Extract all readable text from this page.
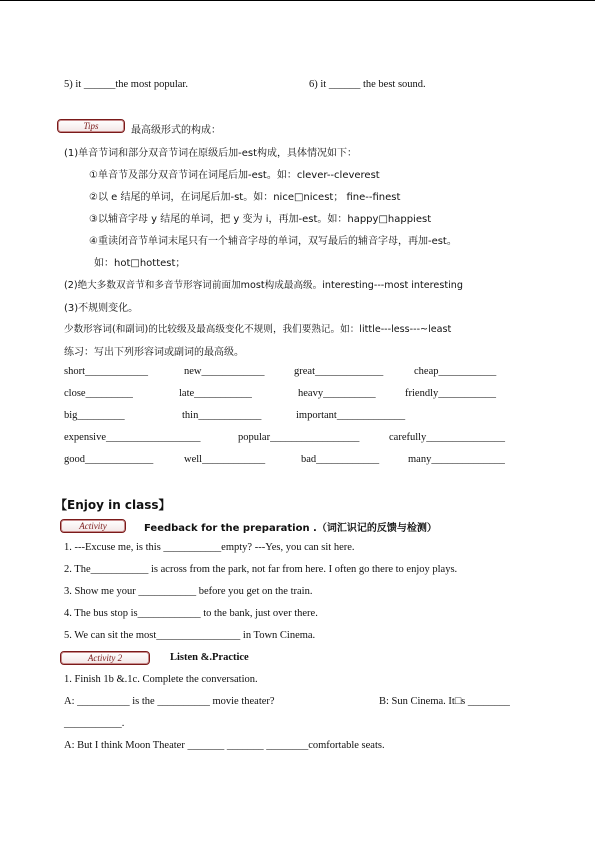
5) it ______the most popular.	6) it ______ the best sound.
Tips	最高级形式的构成：
(1)单音节词和部分双音节词在原级后加-est构成，具体情况如下：
①单音节及部分双音节词在词尾后加-est。如：clever--cleverest
②以 e 结尾的单词，在词尾后加-st。如：nice□nicest； fine--finest
③以辅音字母 y 结尾的单词，把 y 变为 i，再加-est。如：happy□happiest
④重读闭音节单词末尾只有一个辅音字母的单词，双写最后的辅音字母，再加-est。
如：hot□hottest；
(2)绝大多数双音节和多音节形容词前面加most构成最高级。interesting---most interesting
(3)不规则变化。
少数形容词(和副词)的比较级及最高级变化不规则，我们要熟记。如：little---less---~least
练习：写出下列形容词或副词的最高级。
short____________	new____________	great_____________	cheap___________
close_________	late___________	heavy__________	friendly___________
big_________	thin____________	important_____________
expensive__________________	popular_________________	carefully_______________
good_____________	well____________	bad____________	many______________
【Enjoy in class】
Activity	Feedback for the preparation .（词汇识记的反馈与检测）
1. ---Excuse me, is this ___________empty? ---Yes, you can sit here.
2. The___________ is across from the park, not far from here. I often go there to enjoy plays.
3. Show me your ___________ before you get on the train.
4. The bus stop is____________ to the bank, just over there.
5. We can sit the most________________ in Town Cinema.
Activity 2	Listen &.Practice
1. Finish 1b &.1c. Complete the conversation.
A: __________ is the __________ movie theater?	B: Sun Cinema. It□s ________
___________.
A: But I think Moon Theater _______ _______ ________comfortable seats.
